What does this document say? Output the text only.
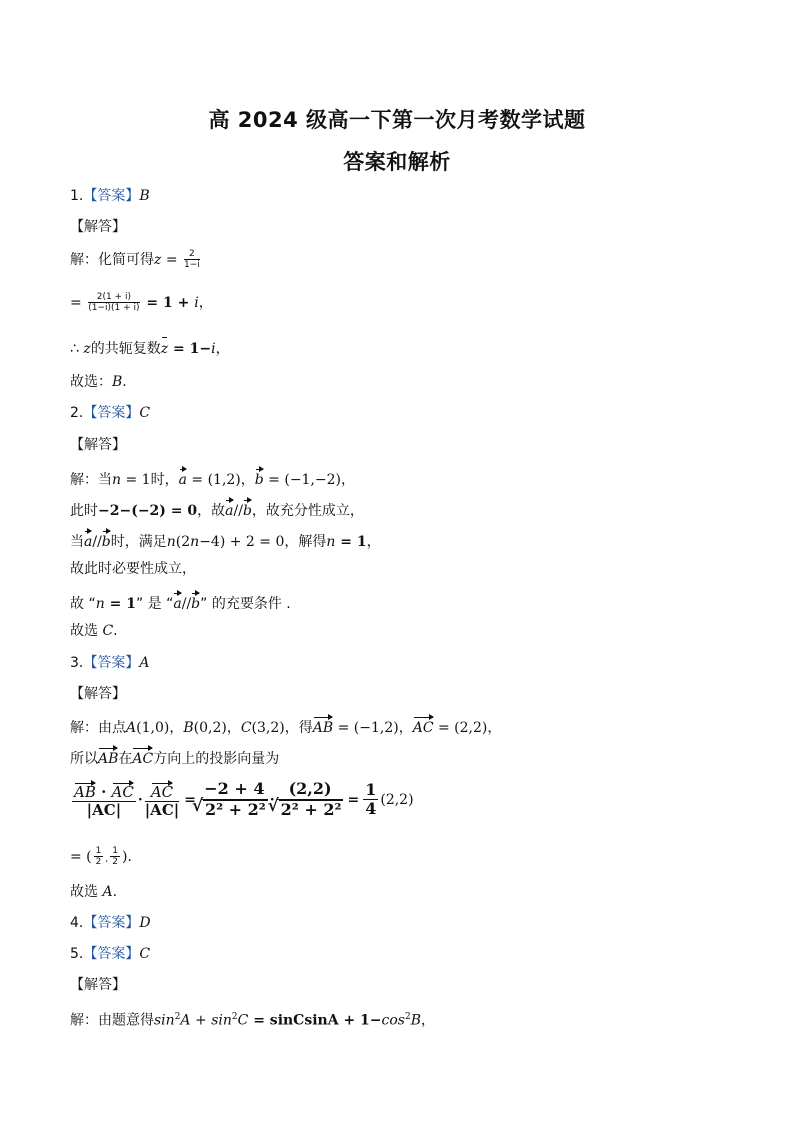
高 2024 级高一下第一次月考数学试题
答案和解析
1.【答案】B
【解答】
解：化简可得$z = \frac{2}{1-i}$
= $\frac{2(1 + i)}{(1-i)(1 + i)} = 1 + i$，
∴ z的共轭复数z = 1−i，
故选：B.
2.【答案】C
【解答】
解：当n = 1时，a = (1,2)，b = (−1,−2)，
此时−2−(−2) = 0，故a//b，故充分性成立，
当a//b时，满足n(2n−4) + 2 = 0，解得n = 1，
故此时必要性成立，
故 “n = 1” 是 “a//b” 的充要条件 .
故选 C.
3.【答案】A
【解答】
解：由点A(1,0)，B(0,2)，C(3,2)，得AB = (−1,2)，AC = (2,2)，
所以AB在AC方向上的投影向量为
$\frac{AB \cdot AC}{|AC|} \cdot \frac{AC}{|AC|} = -2 + 4$
√ 2² + 2² · (2,2)
√ $2^2 + 2^2 = \frac{1}{4} (2,2)$
= ( $\frac{1}{2}$ , $\frac{1}{2}$ )．
故选 A.
4.【答案】D
5.【答案】C
【解答】
解：由题意得$\sin^2A + \sin^2C$ = sinCsinA + $1-\cos^2B$，
